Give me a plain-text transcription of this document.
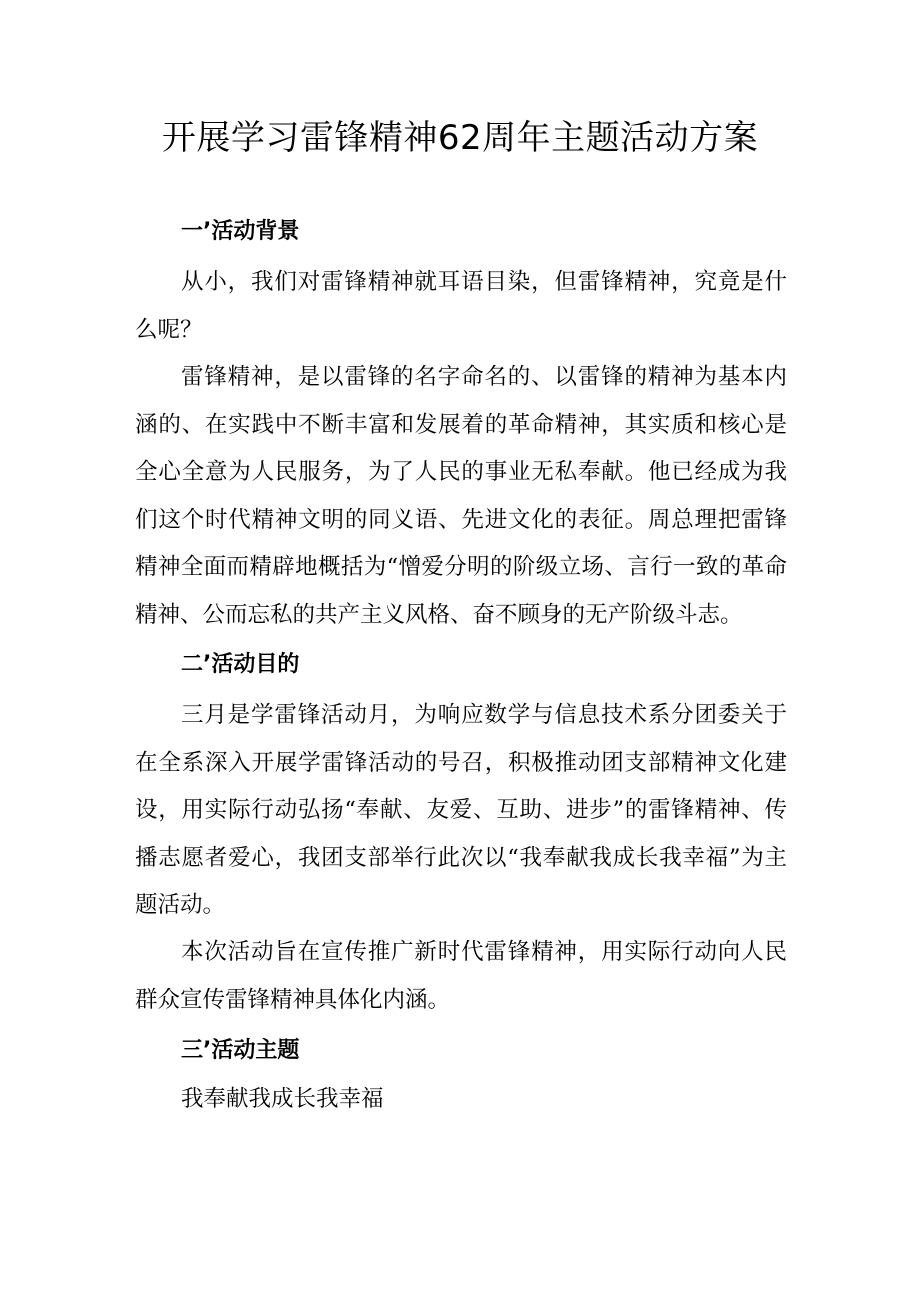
开展学习雷锋精神62周年主题活动方案
一’活动背景

从小，我们对雷锋精神就耳语目染，但雷锋精神，究竟是什么呢？

雷锋精神，是以雷锋的名字命名的、以雷锋的精神为基本内涵的、在实践中不断丰富和发展着的革命精神，其实质和核心是全心全意为人民服务，为了人民的事业无私奉献。他已经成为我们这个时代精神文明的同义语、先进文化的表征。周总理把雷锋精神全面而精辟地概括为“憎爱分明的阶级立场、言行一致的革命精神、公而忘私的共产主义风格、奋不顾身的无产阶级斗志。

二’活动目的

三月是学雷锋活动月，为响应数学与信息技术系分团委关于在全系深入开展学雷锋活动的号召，积极推动团支部精神文化建设，用实际行动弘扬“奉献、友爱、互助、进步”的雷锋精神、传播志愿者爱心，我团支部举行此次以“我奉献我成长我幸福”为主题活动。

本次活动旨在宣传推广新时代雷锋精神，用实际行动向人民群众宣传雷锋精神具体化内涵。

三’活动主题

我奉献我成长我幸福
